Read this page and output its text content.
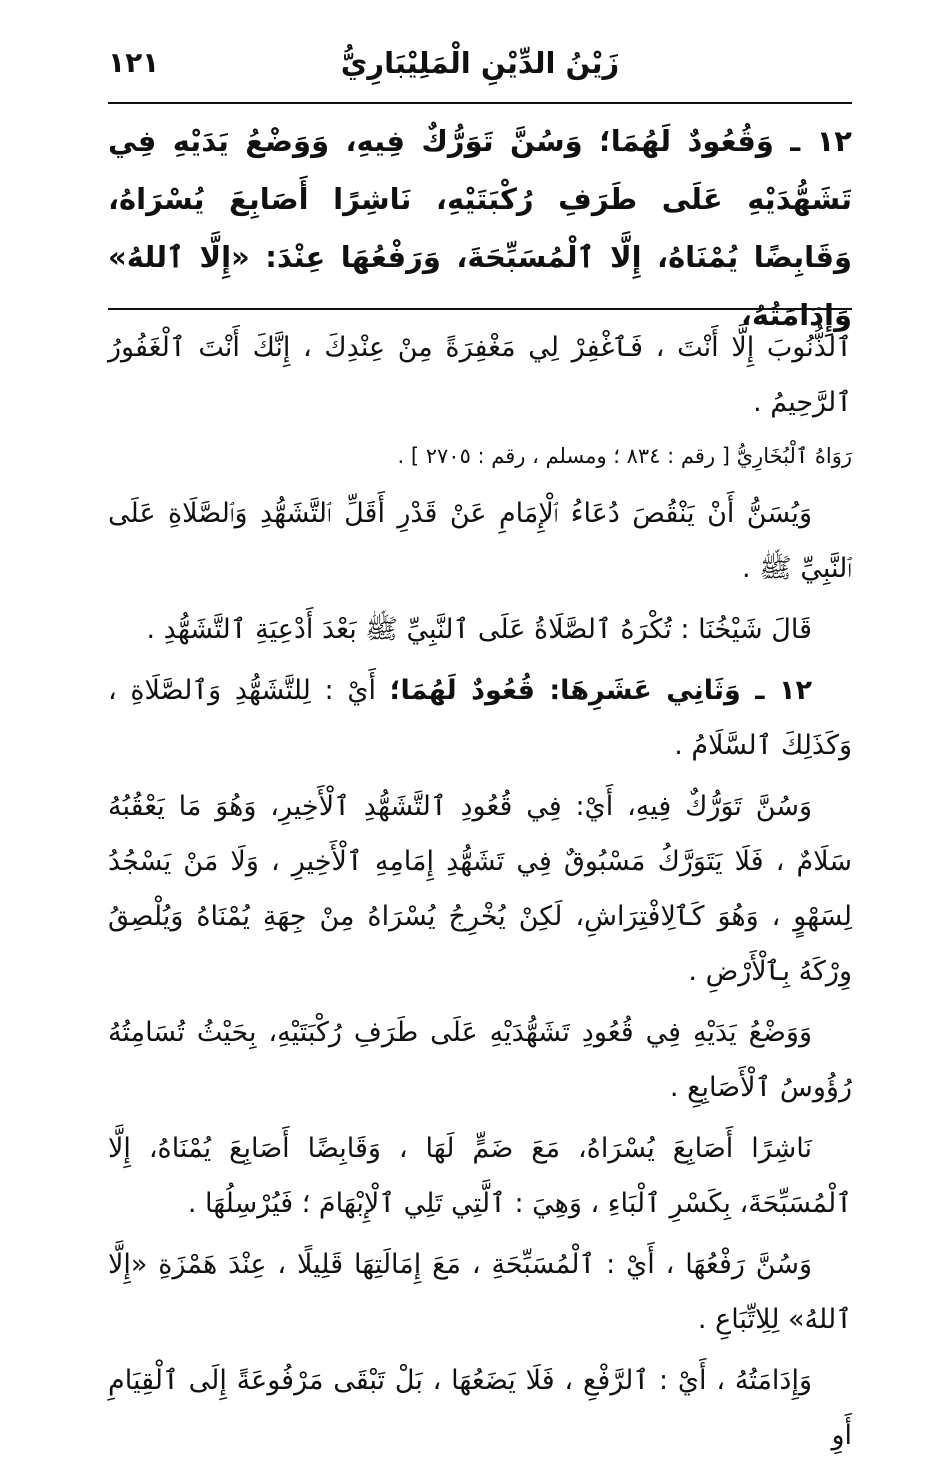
زَيْنُ الدِّيْنِ الْمَلِيْبَارِيُّ
١٢١
١٢ ـ وَقُعُودٌ لَهُمَا؛ وَسُنَّ تَوَرُّكٌ فِيهِ، وَوَضْعُ يَدَيْهِ فِي تَشَهُّدَيْهِ عَلَى طَرَفِ رُكْبَتَيْهِ، نَاشِرًا أَصَابِعَ يُسْرَاهُ، وَقَابِضًا يُمْنَاهُ، إِلَّا ٱلْمُسَبِّحَةَ، وَرَفْعُهَا عِنْدَ: «إِلَّا ٱللهُ» وَإِدَامَتُهُ،

ٱلذُّنُوبَ إِلَّا أَنْتَ ، فَٱغْفِرْ لِي مَغْفِرَةً مِنْ عِنْدِكَ ، إِنَّكَ أَنْتَ ٱلْغَفُورُ ٱلرَّحِيمُ .

رَوَاهُ ٱلْبُخَارِيُّ [ رقم : ٨٣٤ ؛ ومسلم ، رقم : ٢٧٠٥ ] .

وَيُسَنُّ أَنْ يَنْقُصَ دُعَاءُ ٱلْإِمَامِ عَنْ قَدْرِ أَقَلِّ ٱلتَّشَهُّدِ وَٱلصَّلَاةِ عَلَى ٱلنَّبِيِّ ﷺ .

قَالَ شَيْخُنَا : تُكْرَهُ ٱلصَّلَاةُ عَلَى ٱلنَّبِيِّ ﷺ بَعْدَ أَدْعِيَةِ ٱلتَّشَهُّدِ .

١٢ ـ وَثَانِي عَشَرِهَا: قُعُودٌ لَهُمَا؛ أَيْ : لِلتَّشَهُّدِ وَٱلصَّلَاةِ ، وَكَذَلِكَ ٱلسَّلَامُ .

وَسُنَّ تَوَرُّكٌ فِيهِ، أَيْ: فِي قُعُودِ ٱلتَّشَهُّدِ ٱلْأَخِيرِ، وَهُوَ مَا يَعْقُبُهُ سَلَامٌ ، فَلَا يَتَوَرَّكُ مَسْبُوقٌ فِي تَشَهُّدِ إِمَامِهِ ٱلْأَخِيرِ ، وَلَا مَنْ يَسْجُدُ لِسَهْوٍ ، وَهُوَ كَٱلِافْتِرَاشِ، لَكِنْ يُخْرِجُ يُسْرَاهُ مِنْ جِهَةِ يُمْنَاهُ وَيُلْصِقُ وِرْكَهُ بِٱلْأَرْضِ .

وَوَضْعُ يَدَيْهِ فِي قُعُودِ تَشَهُّدَيْهِ عَلَى طَرَفِ رُكْبَتَيْهِ، بِحَيْثُ تُسَامِتُهُ رُؤُوسُ ٱلْأَصَابِعِ .

نَاشِرًا أَصَابِعَ يُسْرَاهُ، مَعَ ضَمٍّ لَهَا ، وَقَابِضًا أَصَابِعَ يُمْنَاهُ، إِلَّا ٱلْمُسَبِّحَةَ، بِكَسْرِ ٱلْبَاءِ ، وَهِيَ : ٱلَّتِي تَلِي ٱلْإِبْهَامَ ؛ فَيُرْسِلُهَا .

وَسُنَّ رَفْعُهَا ، أَيْ : ٱلْمُسَبِّحَةِ ، مَعَ إِمَالَتِهَا قَلِيلًا ، عِنْدَ هَمْزَةِ «إِلَّا ٱللهُ» لِلِاتِّبَاعِ .

وَإِدَامَتُهُ ، أَيْ : ٱلرَّفْعِ ، فَلَا يَضَعُهَا ، بَلْ تَبْقَى مَرْفُوعَةً إِلَى ٱلْقِيَامِ أَوِ
